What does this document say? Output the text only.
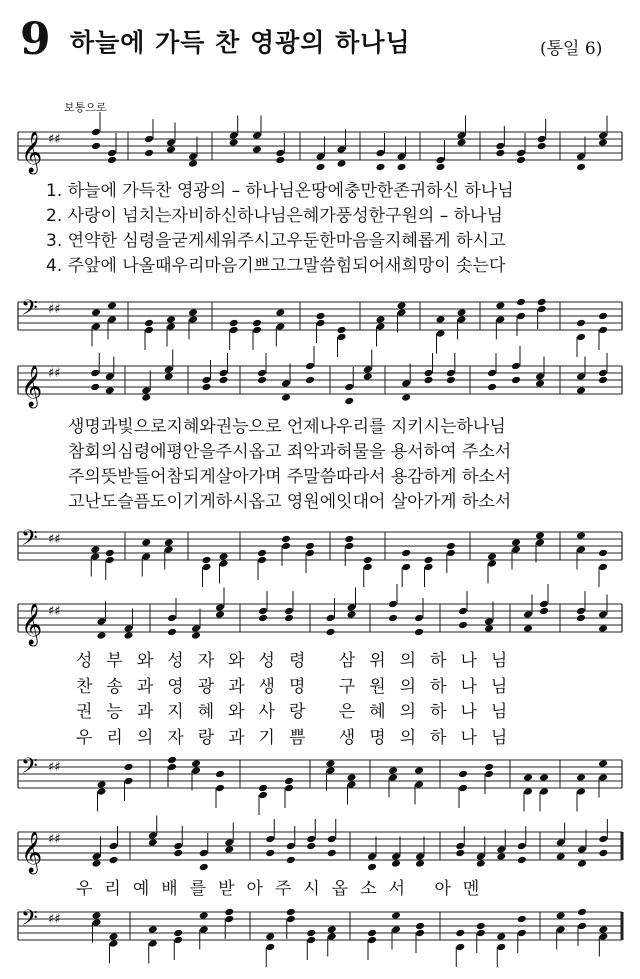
9 하늘에 가득 찬 영광의 하나님	(통일 6)
보통으로
𝄞 ♯♯
1. 하늘에 가득찬 영광의 – 하나님온땅에충만한존귀하신 하나님
2. 사랑이 넘치는자비하신하나님은혜가풍성한구원의 – 하나님
3. 연약한 심령을굳게세워주시고우둔한마음을지혜롭게 하시고
4. 주앞에 나올때우리마음기쁘고그말씀힘되어새희망이 솟는다
𝄢 ♯♯
𝄞 ♯♯
생명과빛으로지혜와권능으로 언제나우리를 지키시는하나님
참회의심령에평안을주시옵고 죄악과허물을 용서하여 주소서
주의뜻받들어참되게살아가며 주말씀따라서 용감하게 하소서
고난도슬픔도이기게하시옵고 영원에잇대어 살아가게 하소서
𝄢 ♯♯
𝄞 ♯♯
성부와성자와성령 삼위의하나님
찬송과영광과생명 구원의하나님
권능과지혜와사랑 은혜의하나님
우리의자랑과기쁨 생명의하나님
𝄢 ♯♯
𝄞 ♯♯
우리예배를받아주시옵소서 아멘
𝄢 ♯♯
